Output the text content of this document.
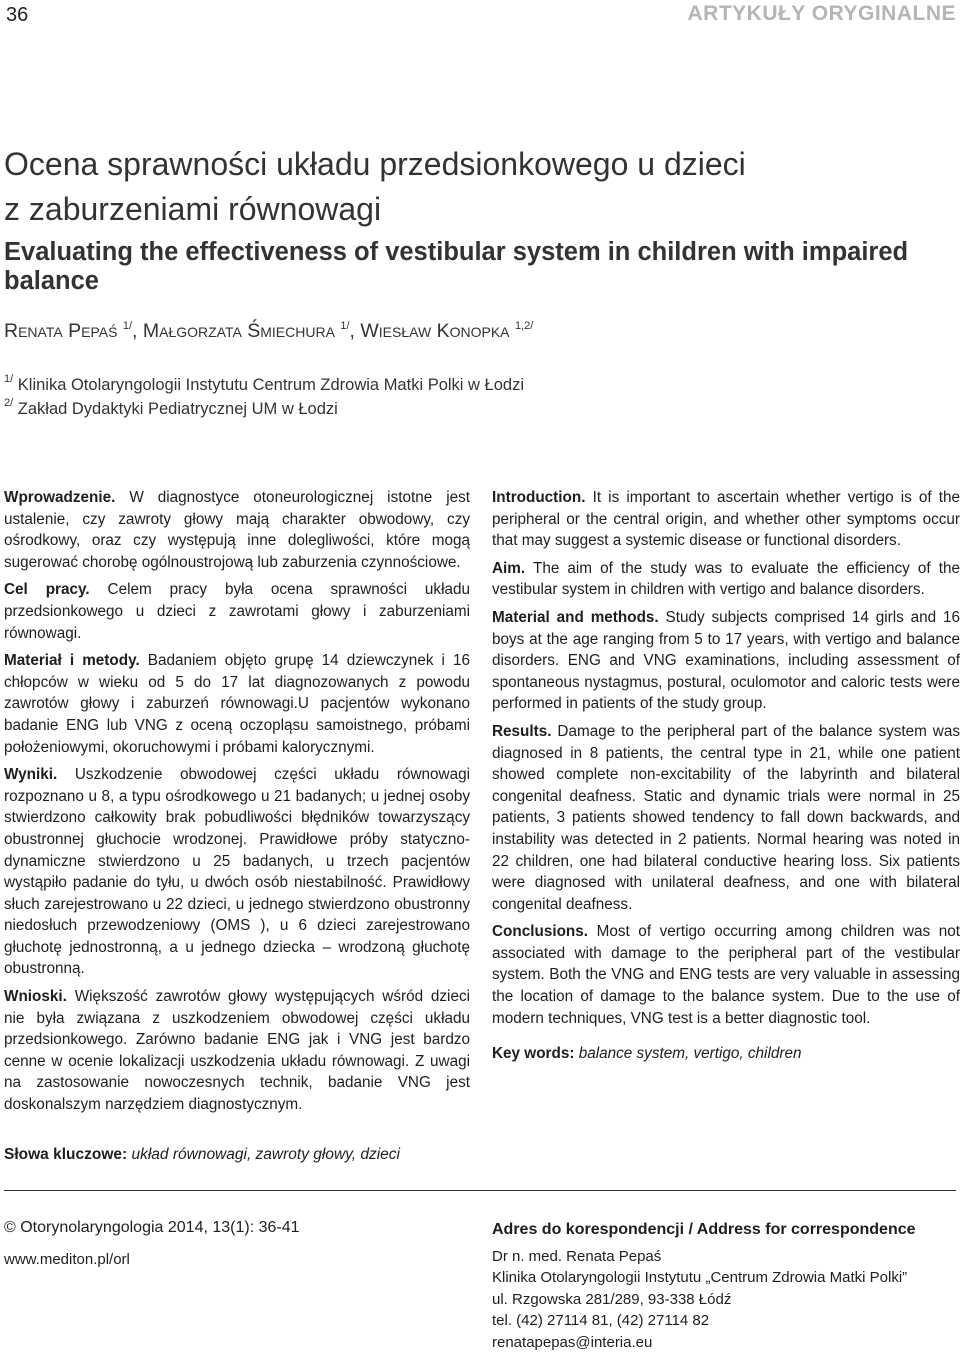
36	ARTYKUŁY ORYGINALNE
Ocena sprawności układu przedsionkowego u dzieci
z zaburzeniami równowagi
Evaluating the effectiveness of vestibular system in children with impaired balance
Renata Pepaś $^{1/}$, Małgorzata Śmiechura $^{1/}$, Wiesław Konopka $^{1,2/}$
$^{1/}$ Klinika Otolaryngologii Instytutu Centrum Zdrowia Matki Polki w Łodzi
$^{2/}$ Zakład Dydaktyki Pediatrycznej UM w Łodzi

Wprowadzenie. W diagnostyce otoneurologicznej istotne jest ustalenie, czy zawroty głowy mają charakter obwodowy, czy ośrodkowy, oraz czy występują inne dolegliwości, które mogą sugerować chorobę ogólnoustrojową lub zaburzenia czynnościowe.

Cel pracy. Celem pracy była ocena sprawności układu przedsionkowego u dzieci z zawrotami głowy i zaburzeniami równowagi.

Materiał i metody. Badaniem objęto grupę 14 dziewczynek i 16 chłopców w wieku od 5 do 17 lat diagnozowanych z powodu zawrotów głowy i zaburzeń równowagi.U pacjentów wykonano badanie ENG lub VNG z oceną oczopląsu samoistnego, próbami położeniowymi, okoruchowymi i próbami kalorycznymi.

Wyniki. Uszkodzenie obwodowej części układu równowagi rozpoznano u 8, a typu ośrodkowego u 21 badanych; u jednej osoby stwierdzono całkowity brak pobudliwości błędników towarzyszący obustronnej głuchocie wrodzonej. Prawidłowe próby statyczno-dynamiczne stwierdzono u 25 badanych, u trzech pacjentów wystąpiło padanie do tyłu, u dwóch osób niestabilność. Prawidłowy słuch zarejestrowano u 22 dzieci, u jednego stwierdzono obustronny niedosłuch przewodzeniowy (OMS ), u 6 dzieci zarejestrowano głuchotę jednostronną, a u jednego dziecka – wrodzoną głuchotę obustronną.

Wnioski. Większość zawrotów głowy występujących wśród dzieci nie była związana z uszkodzeniem obwodowej części układu przedsionkowego. Zarówno badanie ENG jak i VNG jest bardzo cenne w ocenie lokalizacji uszkodzenia układu równowagi. Z uwagi na zastosowanie nowoczesnych technik, badanie VNG jest doskonalszym narzędziem diagnostycznym.

Słowa kluczowe: układ równowagi, zawroty głowy, dzieci

Introduction. It is important to ascertain whether vertigo is of the peripheral or the central origin, and whether other symptoms occur that may suggest a systemic disease or functional disorders.

Aim. The aim of the study was to evaluate the efficiency of the vestibular system in children with vertigo and balance disorders.

Material and methods. Study subjects comprised 14 girls and 16 boys at the age ranging from 5 to 17 years, with vertigo and balance disorders. ENG and VNG examinations, including assessment of spontaneous nystagmus, postural, oculomotor and caloric tests were performed in patients of the study group.

Results. Damage to the peripheral part of the balance system was diagnosed in 8 patients, the central type in 21, while one patient showed complete non-excitability of the labyrinth and bilateral congenital deafness. Static and dynamic trials were normal in 25 patients, 3 patients showed tendency to fall down backwards, and instability was detected in 2 patients. Normal hearing was noted in 22 children, one had bilateral conductive hearing loss. Six patients were diagnosed with unilateral deafness, and one with bilateral congenital deafness.

Conclusions. Most of vertigo occurring among children was not associated with damage to the peripheral part of the vestibular system. Both the VNG and ENG tests are very valuable in assessing the location of damage to the balance system. Due to the use of modern techniques, VNG test is a better diagnostic tool.

Key words: balance system, vertigo, children

© Otorynolaryngologia 2014, 13(1): 36-41
www.mediton.pl/orl
Adres do korespondencji / Address for correspondence
Dr n. med. Renata Pepaś
Klinika Otolaryngologii Instytutu „Centrum Zdrowia Matki Polki”
ul. Rzgowska 281/289, 93-338 Łódź
tel. (42) 27114 81, (42) 27114 82
renatapepas@interia.eu
